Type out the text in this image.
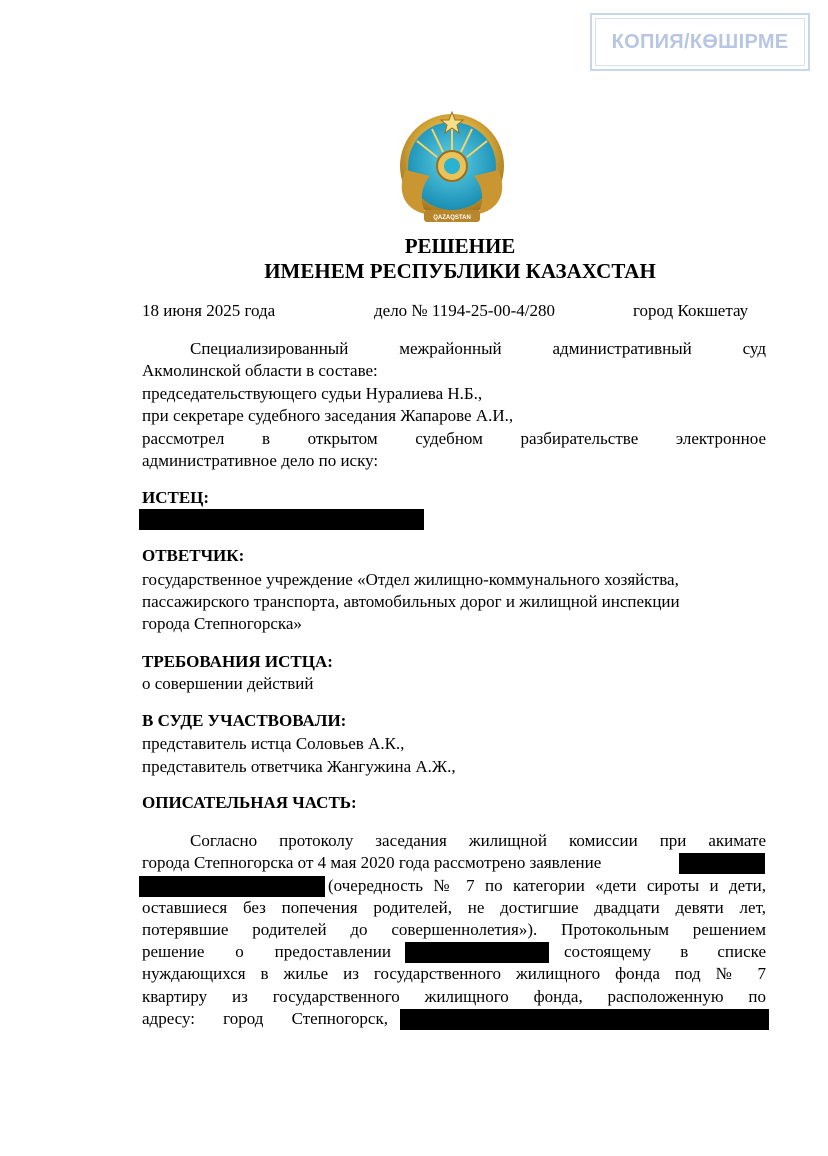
КОПИЯ/КӨШІРМЕ
QAZAQSTAN
РЕШЕНИЕ
ИМЕНЕМ РЕСПУБЛИКИ КАЗАХСТАН
18 июня 2025 года	дело № 1194-25-00-4/280	город Кокшетау
Специализированный межрайонный административный суд
Акмолинской области в составе:
председательствующего судьи Нуралиева Н.Б.,
при секретаре судебного заседания Жапарове А.И.,
рассмотрел в открытом судебном разбирательстве электронное
административное дело по иску:
ИСТЕЦ:
ОТВЕТЧИК:
государственное учреждение «Отдел жилищно-коммунального хозяйства,
пассажирского транспорта, автомобильных дорог и жилищной инспекции
города Степногорска»
ТРЕБОВАНИЯ ИСТЦА:
о совершении действий
В СУДЕ УЧАСТВОВАЛИ:
представитель истца Соловьев А.К.,
представитель ответчика Жангужина А.Ж.,
ОПИСАТЕЛЬНАЯ ЧАСТЬ:
Согласно протоколу заседания жилищной комиссии при акимате
города Степногорска от 4 мая 2020 года рассмотрено заявление
(очередность № 7 по категории «дети сироты и дети,
оставшиеся без попечения родителей, не достигшие двадцати девяти лет,
потерявшие родителей до совершеннолетия»). Протокольным решением
решение о предоставлении	состоящему в списке
нуждающихся в жилье из государственного жилищного фонда под № 7
квартиру из государственного жилищного фонда, расположенную по
адресу: город Степногорск,
